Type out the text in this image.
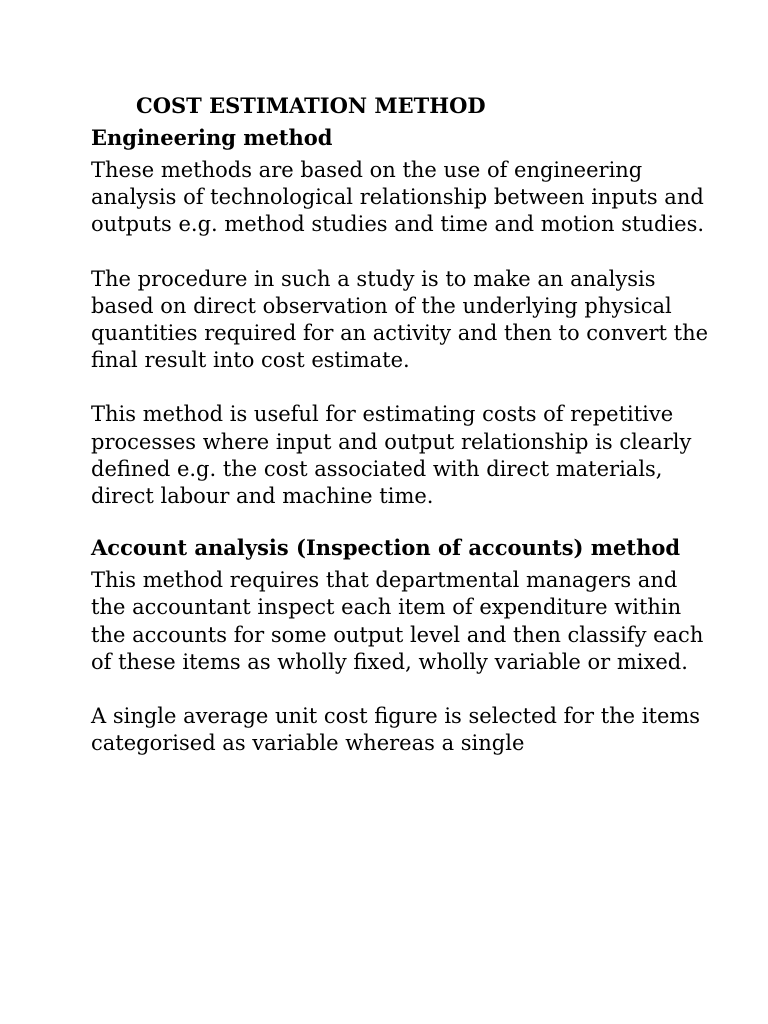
COST ESTIMATION METHOD
Engineering method

These methods are based on the use of engineering analysis of technological relationship between inputs and outputs e.g. method studies and time and motion studies.

The procedure in such a study is to make an analysis based on direct observation of the underlying physical quantities required for an activity and then to convert the final result into cost estimate.

This method is useful for estimating costs of repetitive processes where input and output relationship is clearly defined e.g. the cost associated with direct materials, direct labour and machine time.

Account analysis (Inspection of accounts) method

This method requires that departmental managers and the accountant inspect each item of expenditure within the accounts for some output level and then classify each of these items as wholly fixed, wholly variable or mixed.

A single average unit cost figure is selected for the items categorised as variable whereas a single
